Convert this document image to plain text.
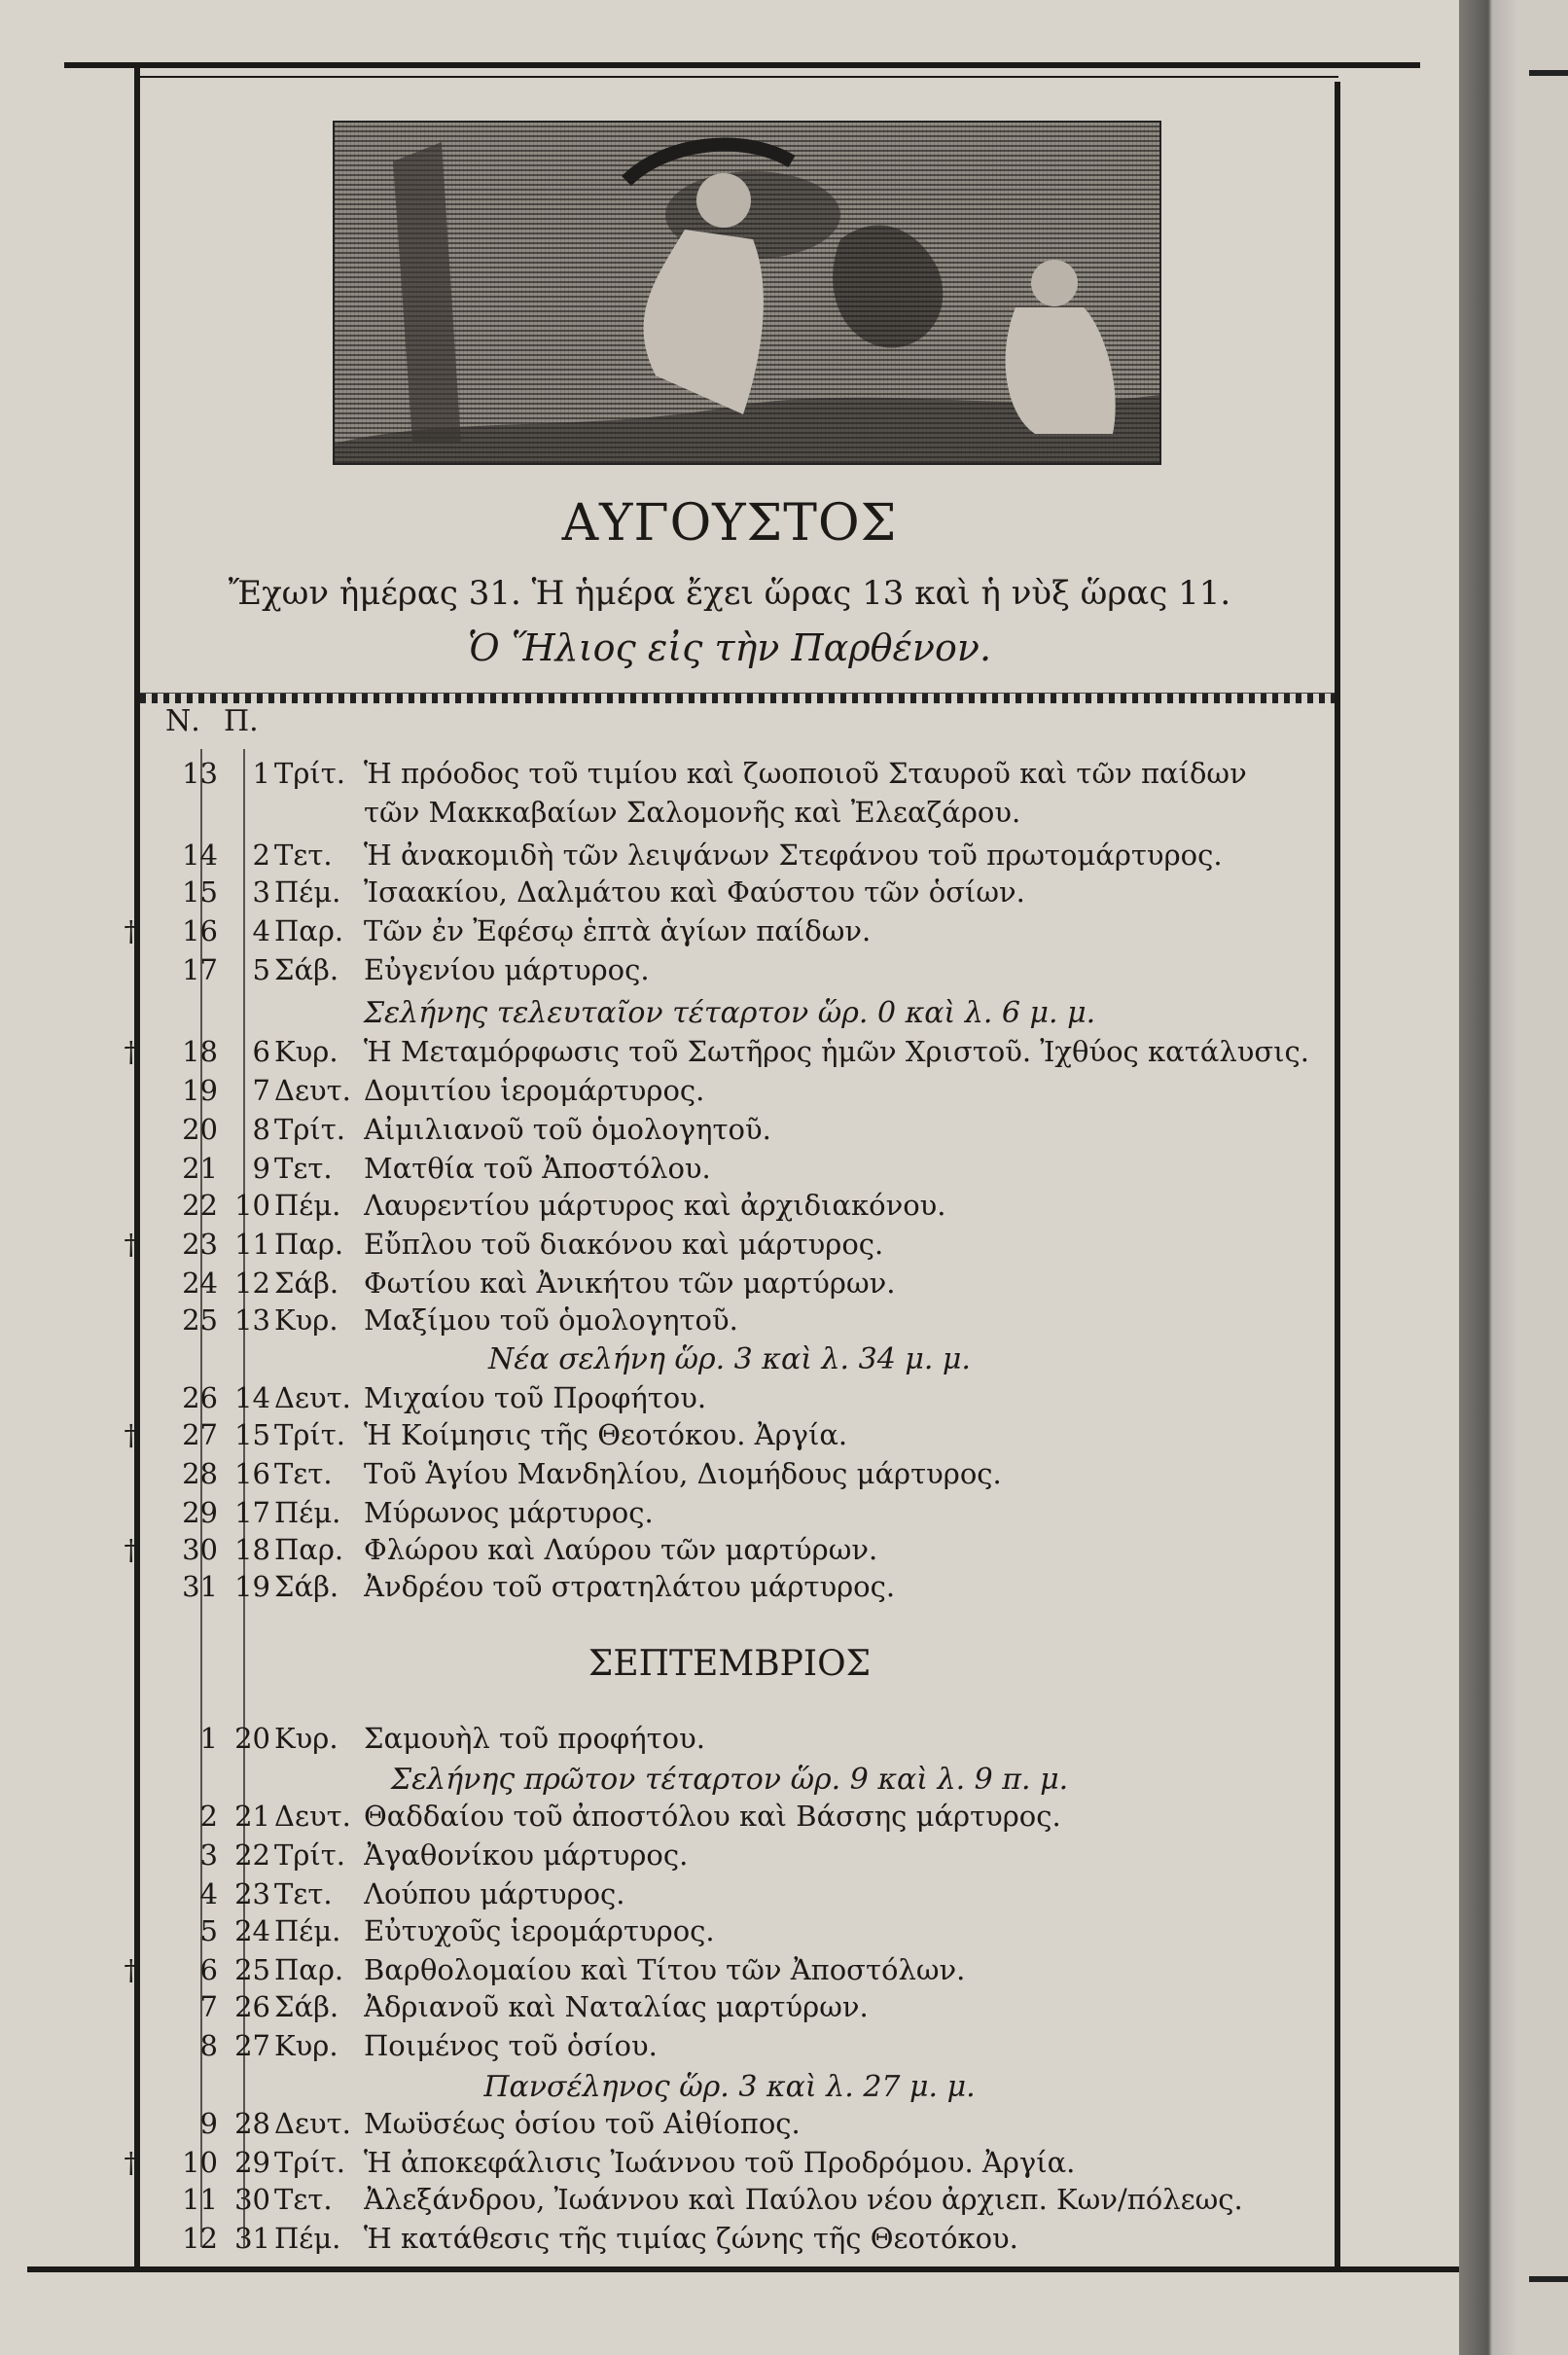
ΑΥΓΟΥΣΤΟΣ
Ἔχων ἡμέρας 31. Ἡ ἡμέρα ἔχει ὥρας 13 καὶ ἡ νὺξ ὥρας 11.
Ὁ Ἥλιος εἰς τὴν Παρθένον.
Ν. Π.
13	1 Τρίτ. Ἡ πρόοδος τοῦ τιμίου καὶ ζωοποιοῦ Σταυροῦ καὶ τῶν παίδων
τῶν Μακκαβαίων Σαλομονῆς καὶ Ἐλεαζάρου.
14	2 Τετ.	Ἡ ἀνακομιδὴ τῶν λειψάνων Στεφάνου τοῦ πρωτομάρτυρος.
15	3 Πέμ. Ἰσαακίου, Δαλμάτου καὶ Φαύστου τῶν ὁσίων.
†	16	4 Παρ. Τῶν ἐν Ἐφέσῳ ἑπτὰ ἁγίων παίδων.
17	5 Σάβ. Εὐγενίου μάρτυρος.
†	18	6 Κυρ. Ἡ Μεταμόρφωσις τοῦ Σωτῆρος ἡμῶν Χριστοῦ. Ἰχθύος κατάλυσις.
19	7 Δευτ. Δομιτίου ἱερομάρτυρος.
20	8 Τρίτ. Αἰμιλιανοῦ τοῦ ὁμολογητοῦ.
21	9 Τετ.	Ματθία τοῦ Ἀποστόλου.
22 10 Πέμ. Λαυρεντίου μάρτυρος καὶ ἀρχιδιακόνου.
†	23 11 Παρ. Εὔπλου τοῦ διακόνου καὶ μάρτυρος.
24 12 Σάβ. Φωτίου καὶ Ἀνικήτου τῶν μαρτύρων.
25 13 Κυρ. Μαξίμου τοῦ ὁμολογητοῦ.
26 14 Δευτ. Μιχαίου τοῦ Προφήτου.
†	27 15 Τρίτ. Ἡ Κοίμησις τῆς Θεοτόκου. Ἀργία.
28 16 Τετ.	Τοῦ Ἁγίου Μανδηλίου, Διομήδους μάρτυρος.
29 17 Πέμ. Μύρωνος μάρτυρος.
†	30 18 Παρ. Φλώρου καὶ Λαύρου τῶν μαρτύρων.
31 19 Σάβ. Ἀνδρέου τοῦ στρατηλάτου μάρτυρος.
Σελήνης τελευταῖον τέταρτον ὥρ. 0 καὶ λ. 6 μ. μ.
Νέα σελήνη ὥρ. 3 καὶ λ. 34 μ. μ.
ΣΕΠΤΕΜΒΡΙΟΣ
1 20 Κυρ. Σαμουὴλ τοῦ προφήτου.
2 21 Δευτ. Θαδδαίου τοῦ ἀποστόλου καὶ Βάσσης μάρτυρος.
3 22 Τρίτ. Ἀγαθονίκου μάρτυρος.
4 23 Τετ.	Λούπου μάρτυρος.
5 24 Πέμ. Εὐτυχοῦς ἱερομάρτυρος.
†	6 25 Παρ. Βαρθολομαίου καὶ Τίτου τῶν Ἀποστόλων.
7 26 Σάβ. Ἀδριανοῦ καὶ Ναταλίας μαρτύρων.
8 27 Κυρ. Ποιμένος τοῦ ὁσίου.
9 28 Δευτ. Μωϋσέως ὁσίου τοῦ Αἰθίοπος.
†	10 29 Τρίτ. Ἡ ἀποκεφάλισις Ἰωάννου τοῦ Προδρόμου. Ἀργία.
11 30 Τετ.	Ἀλεξάνδρου, Ἰωάννου καὶ Παύλου νέου ἀρχιεπ. Κων/πόλεως.
12 31 Πέμ. Ἡ κατάθεσις τῆς τιμίας ζώνης τῆς Θεοτόκου.
Σελήνης πρῶτον τέταρτον ὥρ. 9 καὶ λ. 9 π. μ.
Πανσέληνος ὥρ. 3 καὶ λ. 27 μ. μ.
